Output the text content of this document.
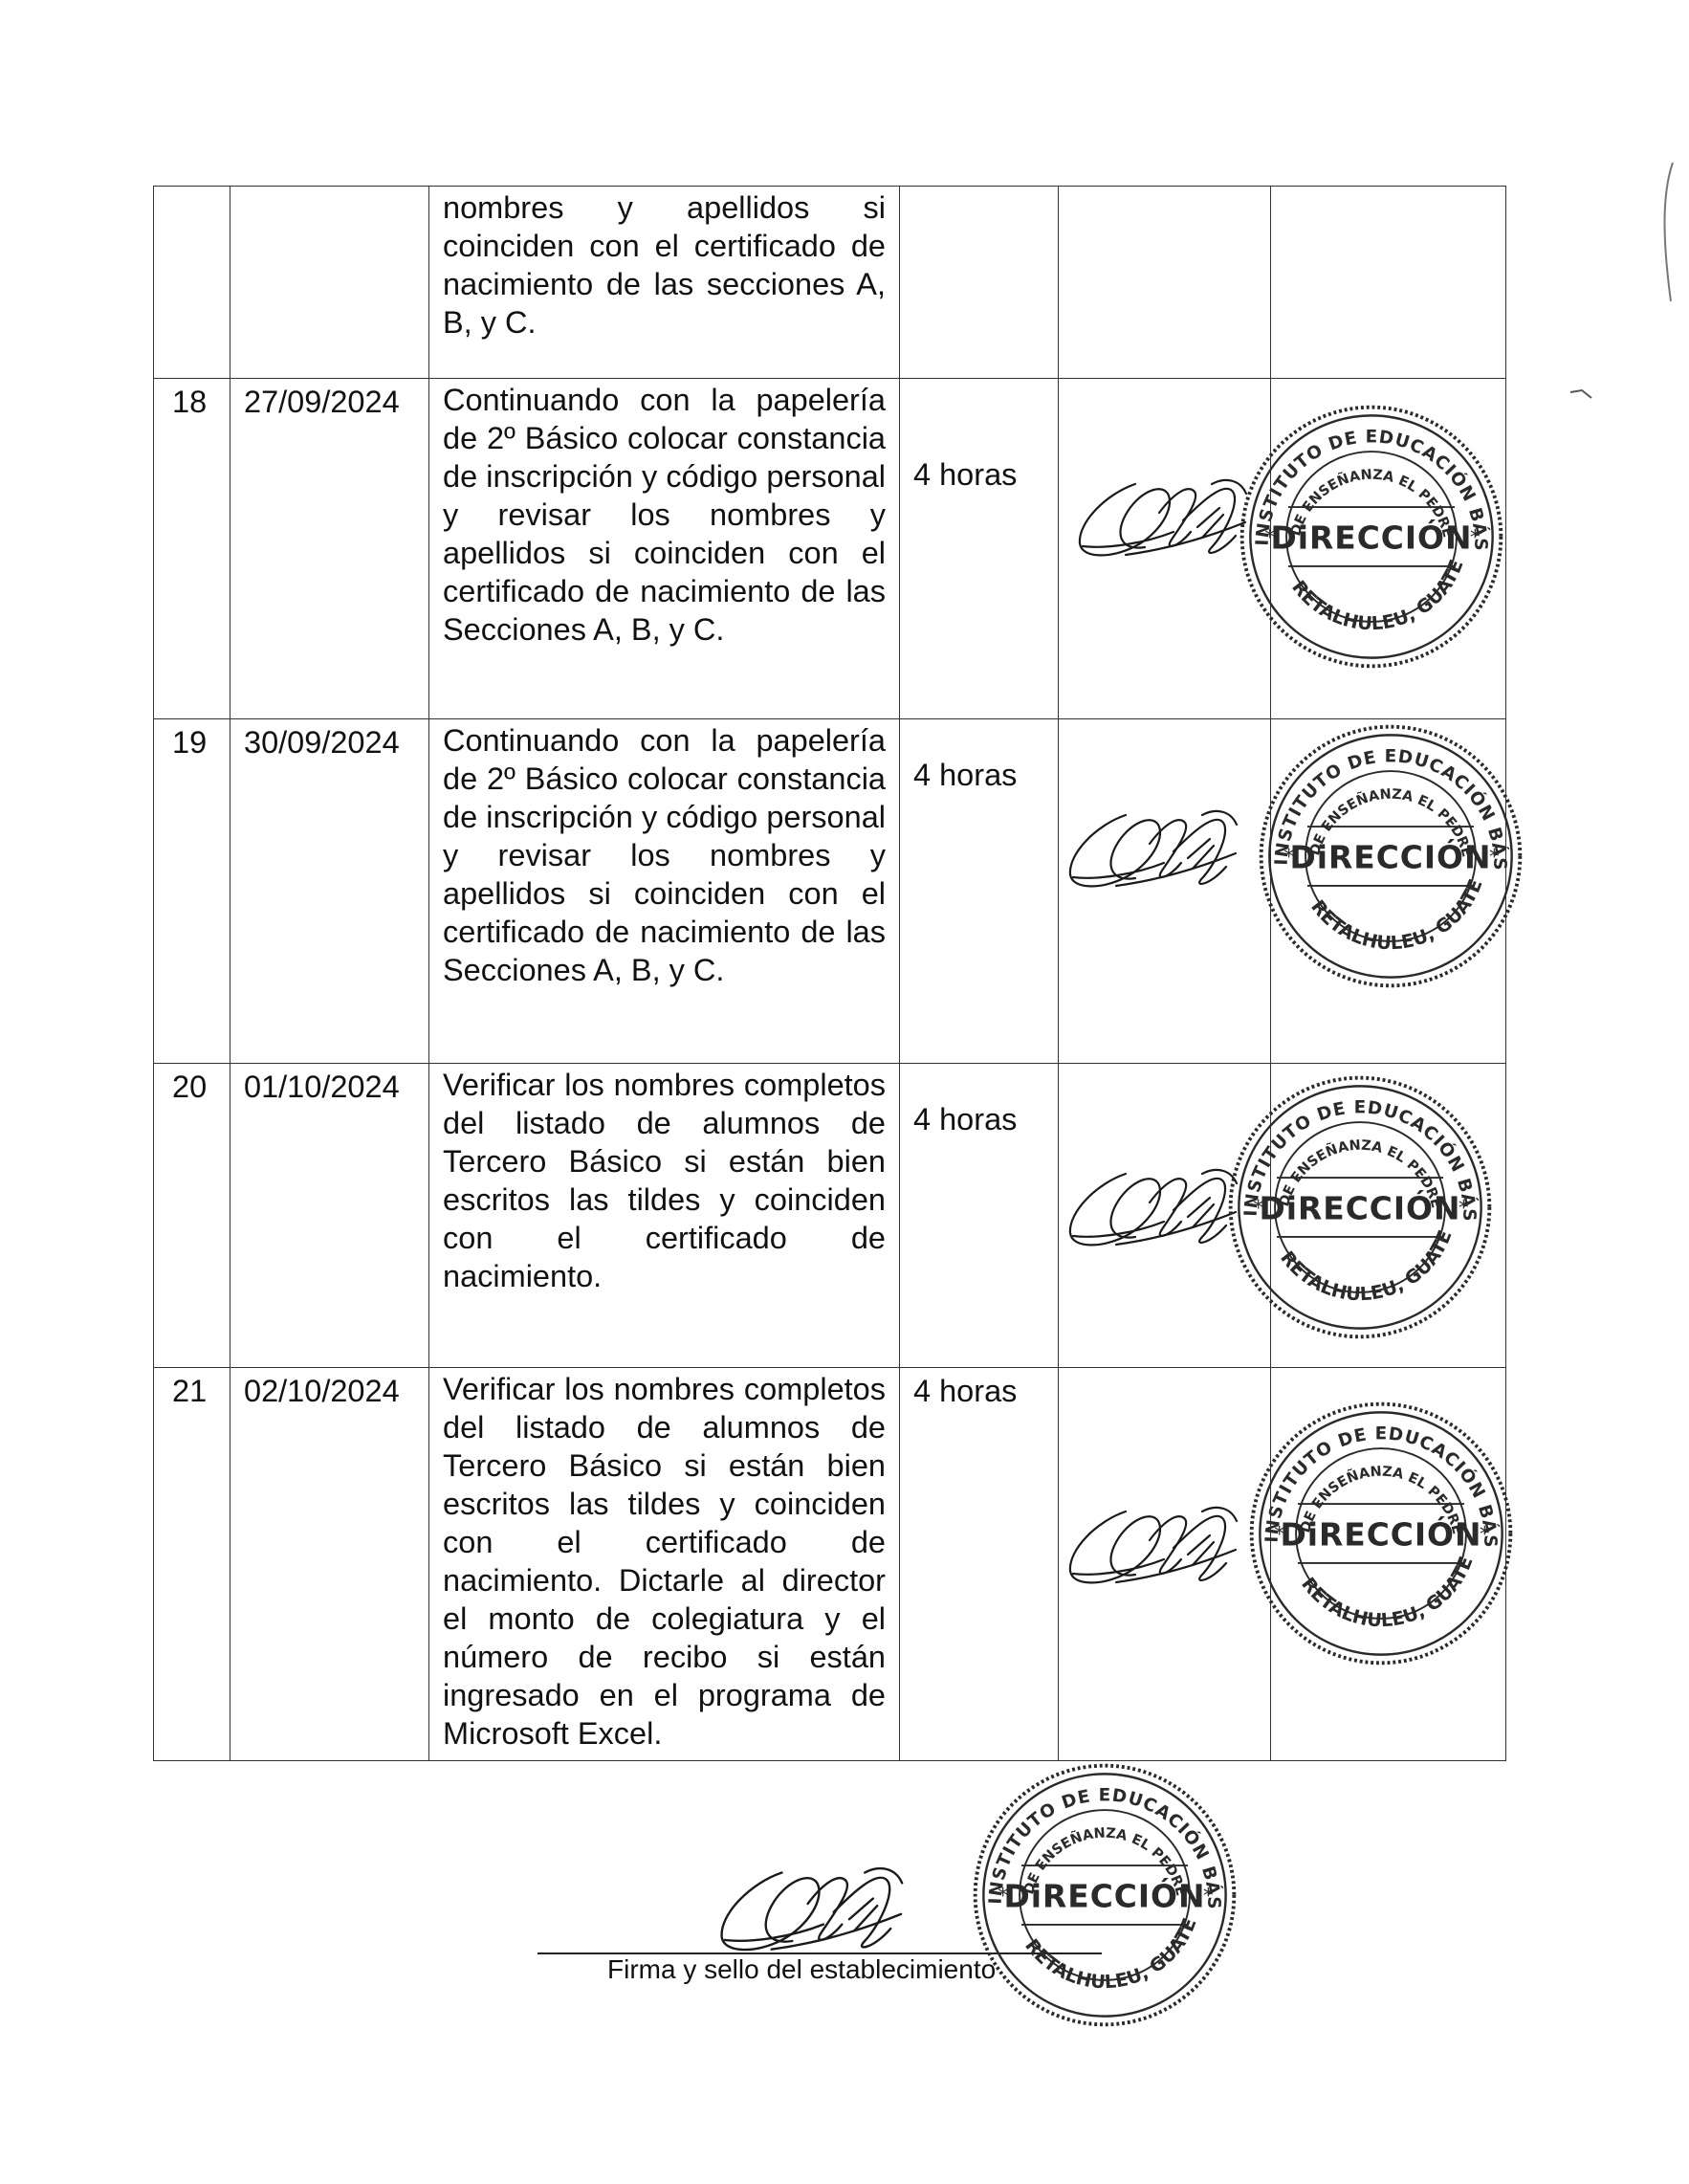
		nombres y apellidos si coinciden con el certificado de nacimiento de las secciones A, B, y C.			
18	27/09/2024	Continuando con la papelería de 2º Básico colocar constancia de inscripción y código personal y revisar los nombres y apellidos si coinciden con el certificado de nacimiento de las Secciones A, B, y C.	4 horas	

19	30/09/2024	Continuando con la papelería de 2º Básico colocar constancia de inscripción y código personal y revisar los nombres y apellidos si coinciden con el certificado de nacimiento de las Secciones A, B, y C.	4 horas	

20	01/10/2024	Verificar los nombres completos del listado de alumnos de Tercero Básico si están bien escritos las tildes y coinciden con el certificado de nacimiento.	4 horas	

21	02/10/2024	Verificar los nombres completos del listado de alumnos de Tercero Básico si están bien escritos las tildes y coinciden con el certificado de nacimiento. Dictarle al director el monto de colegiatura y el número de recibo si están ingresado en el programa de Microsoft Excel.	4 horas	

Firma y sello del establecimiento
